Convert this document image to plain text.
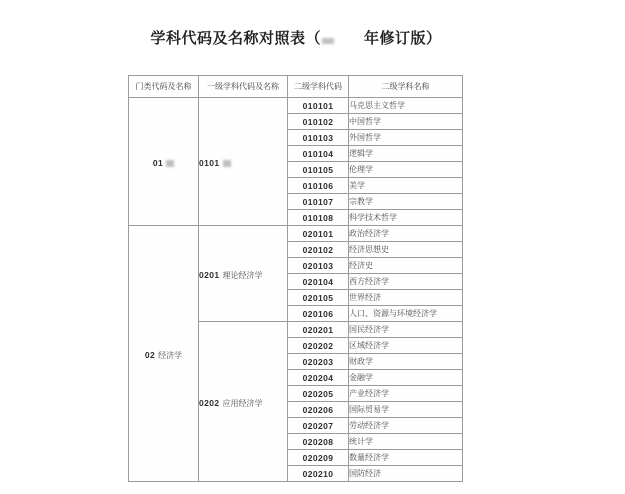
学科代码及名称对照表（	年修订版）
门类代码及名称	一级学科代码及名称	二级学科代码	二级学科名称
01	0101	010101	马克思主义哲学
		010102	中国哲学
		010103	外国哲学
		010104	逻辑学
		010105	伦理学
		010106	美学
		010107	宗教学
		010108	科学技术哲学
02 经济学	0201 理论经济学	020101	政治经济学
		020102	经济思想史
		020103	经济史
		020104	西方经济学
		020105	世界经济
		020106	人口、资源与环境经济学
	0202 应用经济学	020201	国民经济学
		020202	区域经济学
		020203	财政学
		020204	金融学
		020205	产业经济学
		020206	国际贸易学
		020207	劳动经济学
		020208	统计学
		020209	数量经济学
		020210	国防经济
